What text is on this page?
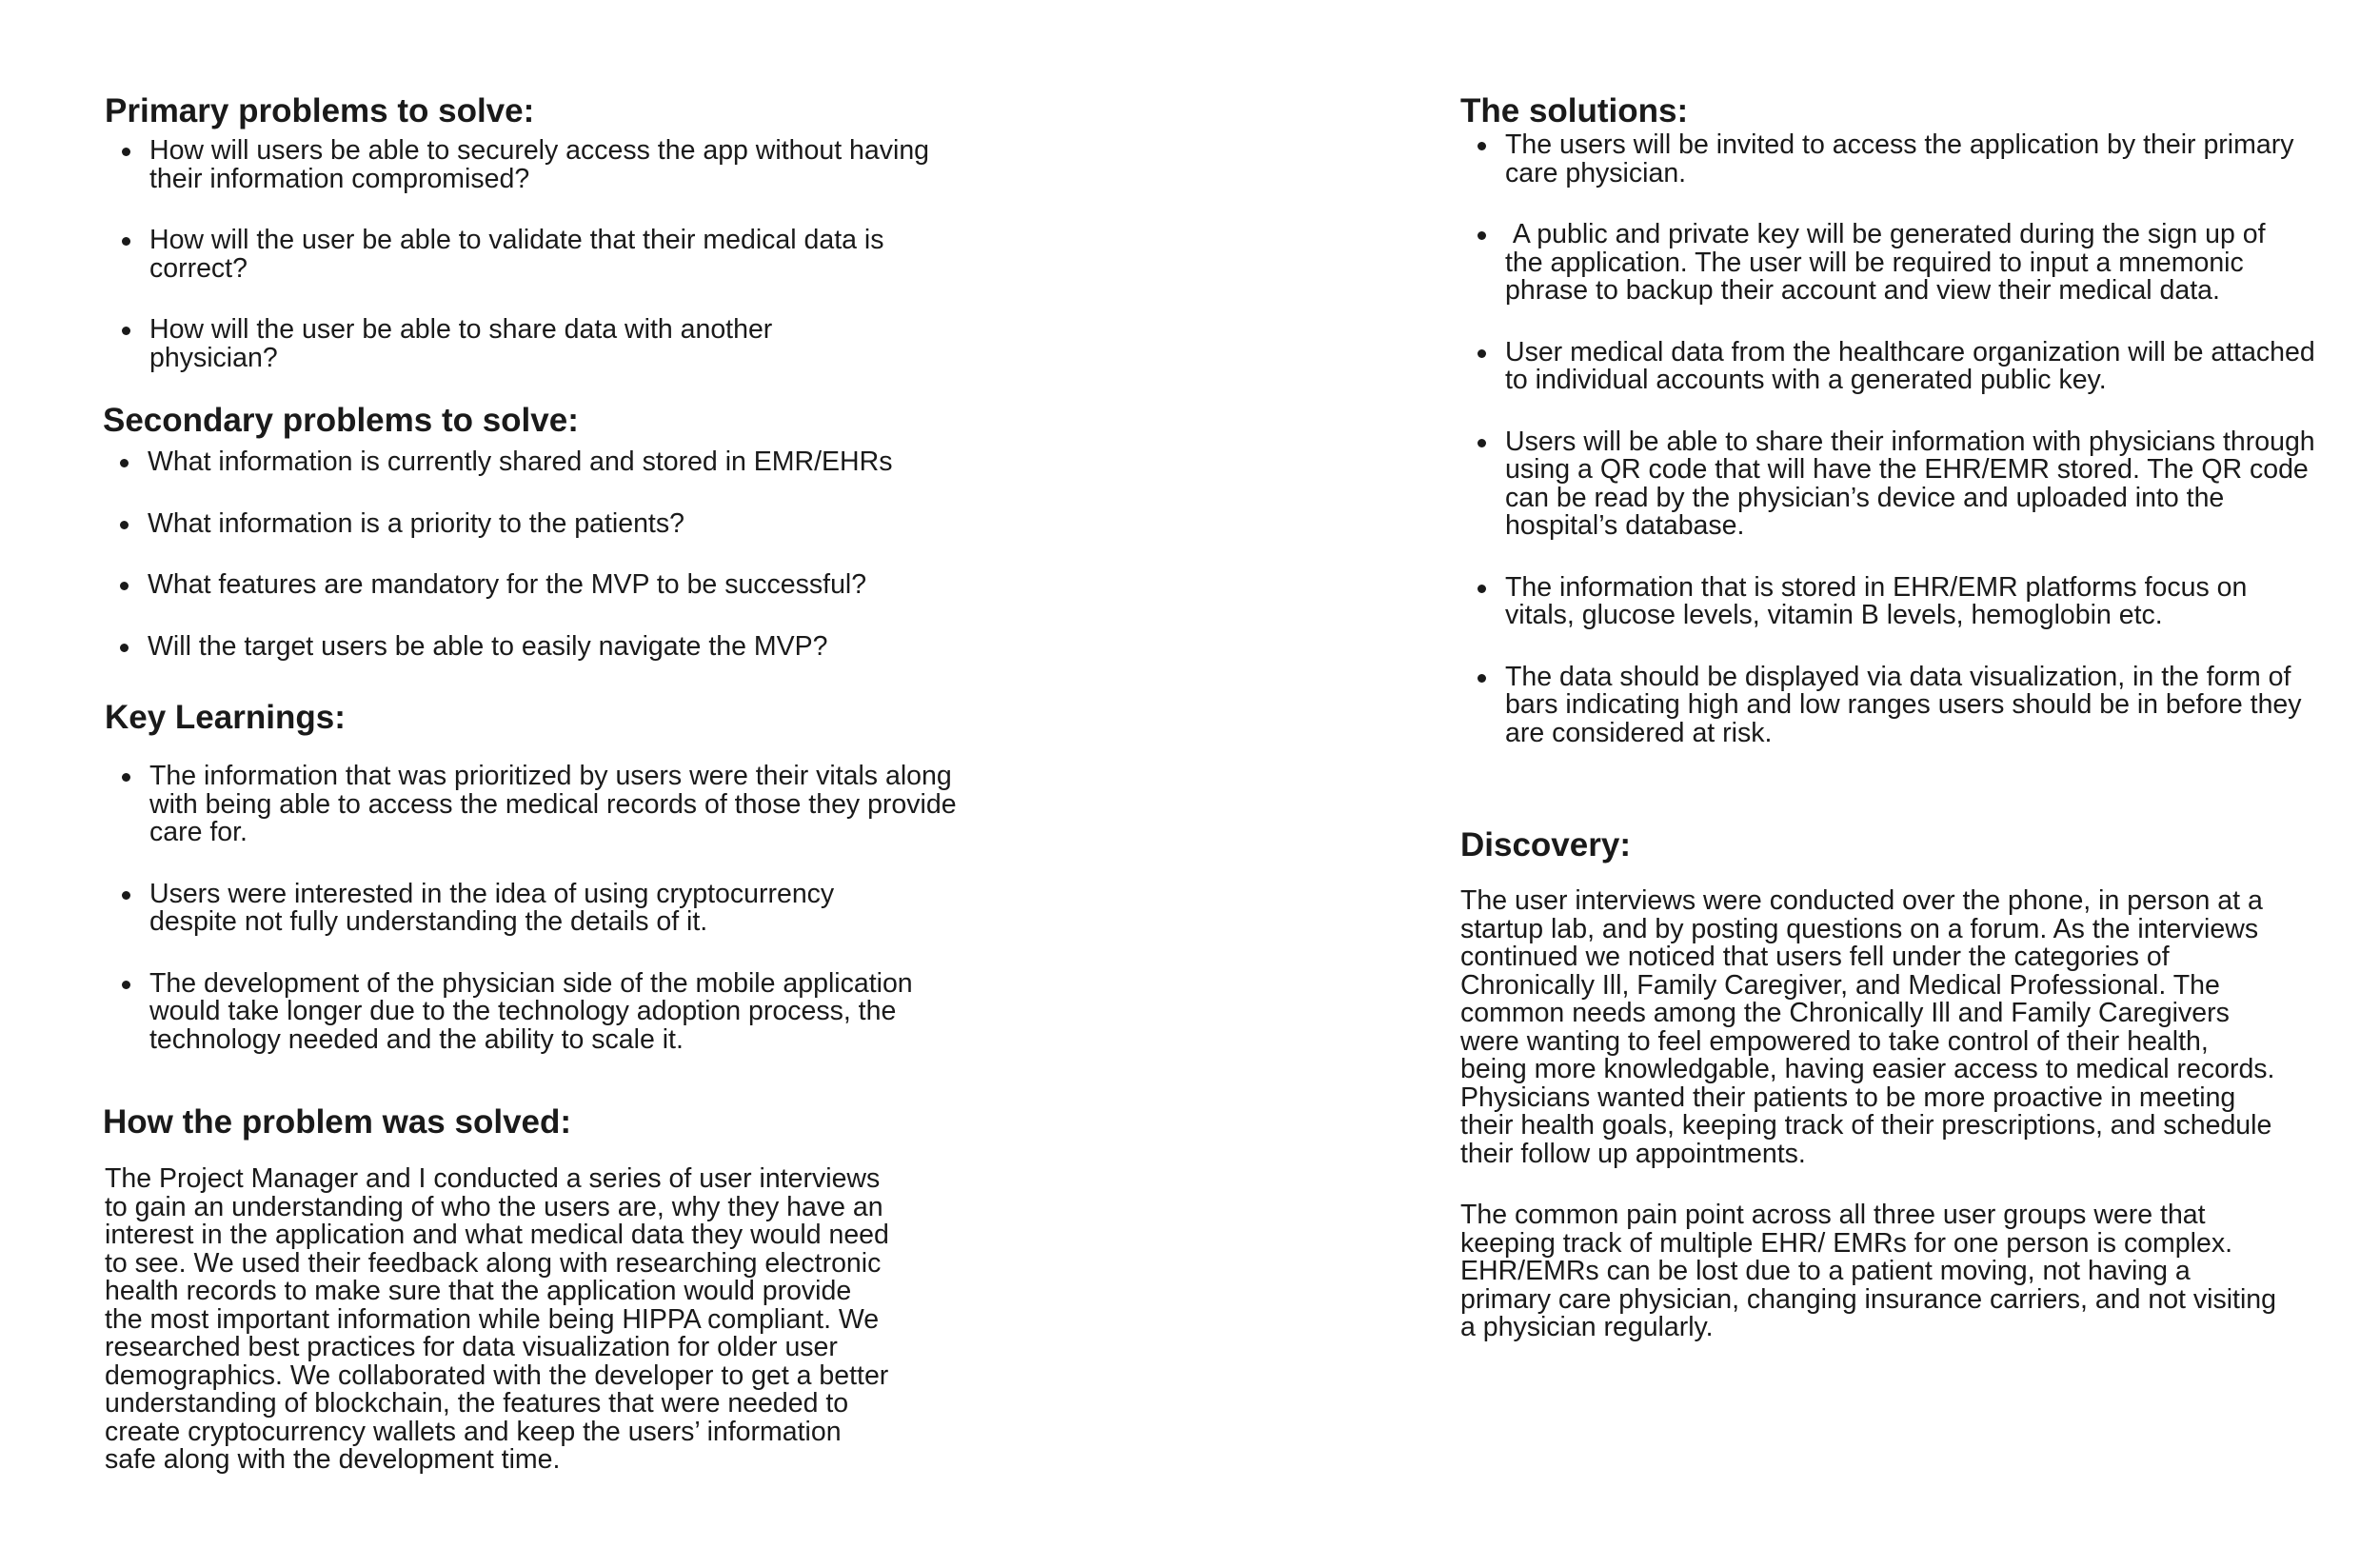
Primary problems to solve:
How will users be able to securely access the app without having their information compromised?
How will the user be able to validate that their medical data is correct?
How will the user be able to share data with another physician?
Secondary problems to solve:
What information is currently shared and stored in EMR/EHRs
What information is a priority to the patients?
What features are mandatory for the MVP to be successful?
Will the target users be able to easily navigate the MVP?
Key Learnings:
The information that was prioritized by users were their vitals along with being able to access the medical records of those they provide care for.
Users were interested in the idea of using cryptocurrency despite not fully understanding the details of it.
The development of the physician side of the mobile application would take longer due to the technology adoption process, the technology needed and the ability to scale it.
How the problem was solved:

The Project Manager and I conducted a series of user interviews to gain an understanding of who the users are, why they have an interest in the application and what medical data they would need to see. We used their feedback along with researching electronic health records to make sure that the application would provide the most important information while being HIPPA compliant. We researched best practices for data visualization for older user demographics. We collaborated with the developer to get a better understanding of blockchain, the features that were needed to create cryptocurrency wallets and keep the users’ information safe along with the development time.

The solutions:
The users will be invited to access the application by their primary care physician.
A public and private key will be generated during the sign up of the application. The user will be required to input a mnemonic phrase to backup their account and view their medical data.
User medical data from the healthcare organization will be attached to individual accounts with a generated public key.
Users will be able to share their information with physicians through using a QR code that will have the EHR/EMR stored. The QR code can be read by the physician’s device and uploaded into the hospital’s database.
The information that is stored in EHR/EMR platforms focus on vitals, glucose levels, vitamin B levels, hemoglobin etc.
The data should be displayed via data visualization, in the form of bars indicating high and low ranges users should be in before they are considered at risk.
Discovery:

The user interviews were conducted over the phone, in person at a startup lab, and by posting questions on a forum. As the interviews continued we noticed that users fell under the categories of Chronically Ill, Family Caregiver, and Medical Professional. The common needs among the Chronically Ill and Family Caregivers were wanting to feel empowered to take control of their health, being more knowledgable, having easier access to medical records. Physicians wanted their patients to be more proactive in meeting their health goals, keeping track of their prescriptions, and schedule their follow up appointments.

The common pain point across all three user groups were that keeping track of multiple EHR/ EMRs for one person is complex. EHR/EMRs can be lost due to a patient moving, not having a primary care physician, changing insurance carriers, and not visiting a physician regularly.
